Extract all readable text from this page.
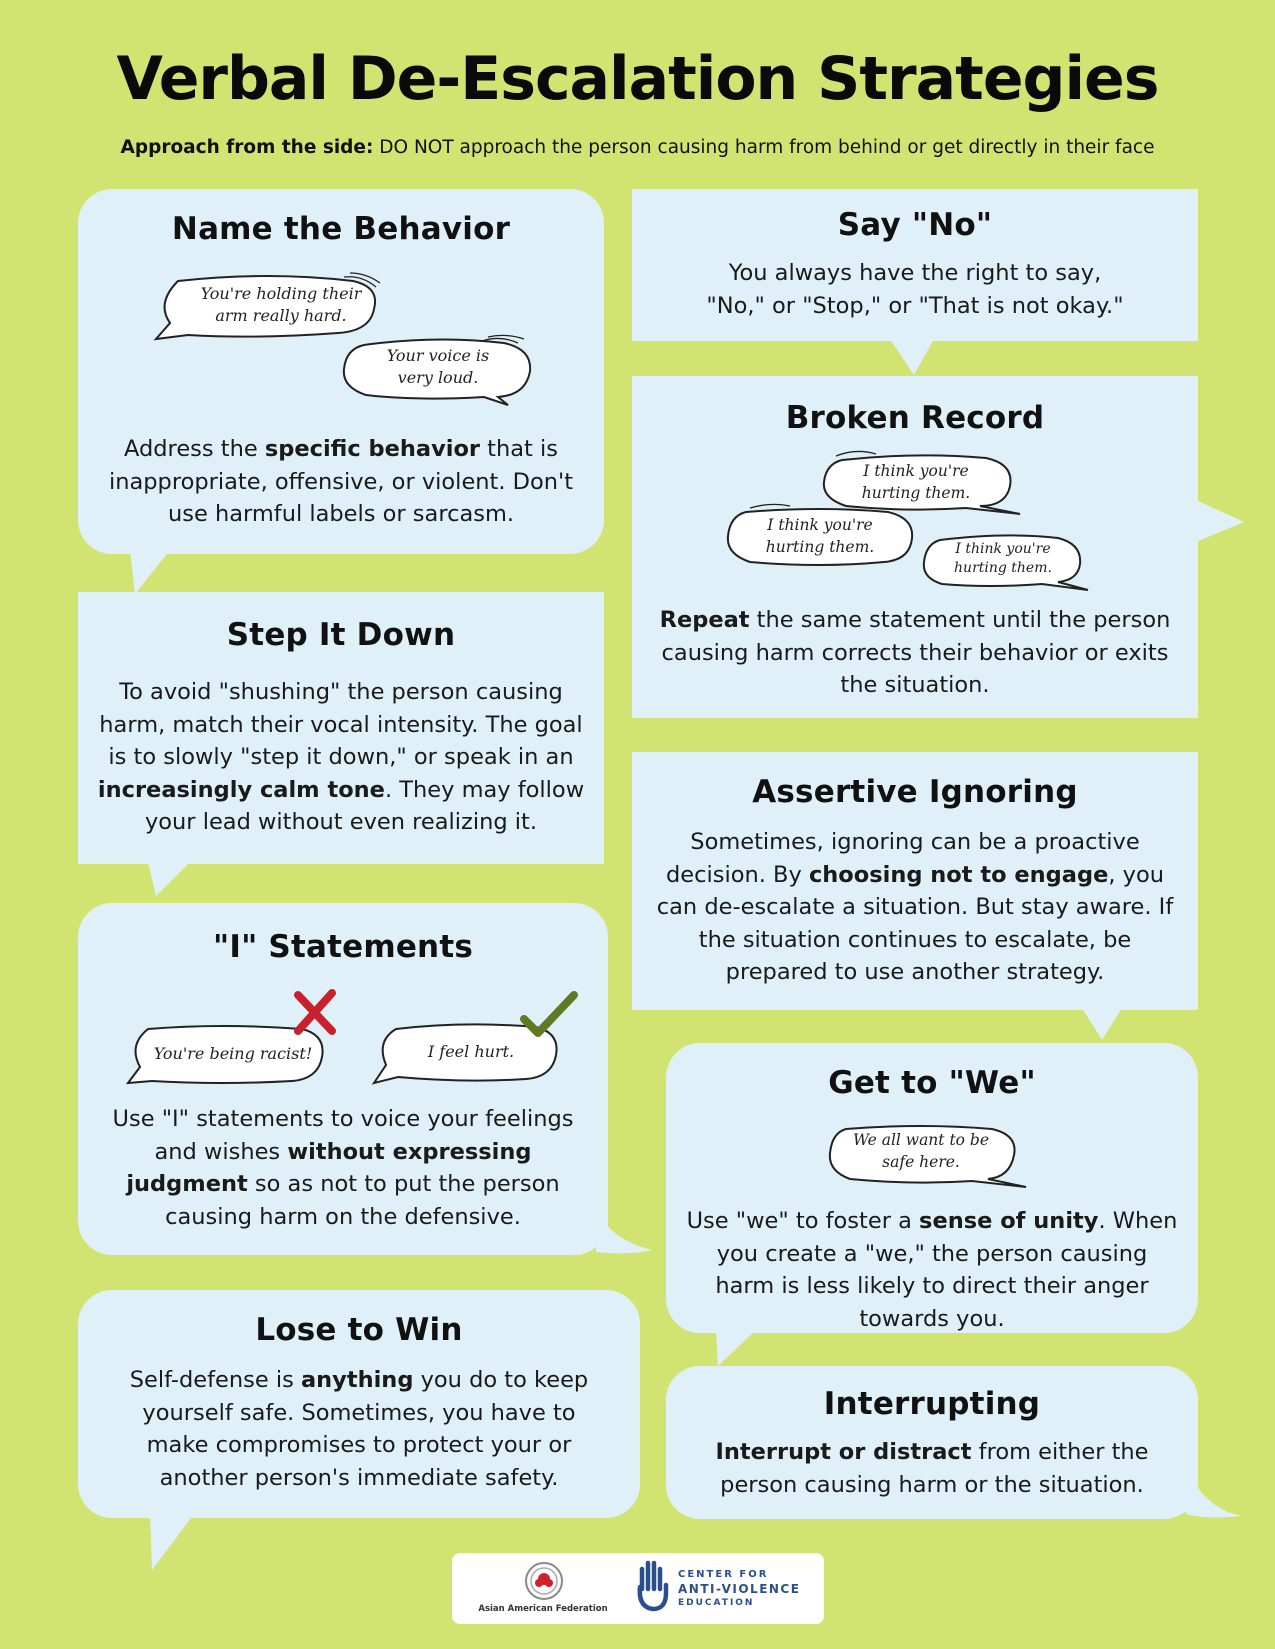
Verbal De-Escalation Strategies
Approach from the side: DO NOT approach the person causing harm from behind or get directly in their face
Name the Behavior
You're holding their arm really hard.
Your voice is very loud.

Address the specific behavior that is inappropriate, offensive, or violent. Don't use harmful labels or sarcasm.

Step It Down

To avoid "shushing" the person causing harm, match their vocal intensity. The goal is to slowly "step it down," or speak in an increasingly calm tone. They may follow your lead without even realizing it.

"I" Statements
You're being racist!	I feel hurt.

Use "I" statements to voice your feelings and wishes without expressing judgment so as not to put the person causing harm on the defensive.

Lose to Win

Self-defense is anything you do to keep yourself safe. Sometimes, you have to make compromises to protect your or another person's immediate safety.

Say "No"

You always have the right to say,
"No," or "Stop," or "That is not okay."

Broken Record
I think you're hurting them.
I think you're hurting them.	I think you're hurting them.

Repeat the same statement until the person causing harm corrects their behavior or exits the situation.

Assertive Ignoring

Sometimes, ignoring can be a proactive decision. By choosing not to engage, you can de-escalate a situation. But stay aware. If the situation continues to escalate, be prepared to use another strategy.

Get to "We"
We all want to be safe here.

Use "we" to foster a sense of unity. When you create a "we," the person causing harm is less likely to direct their anger towards you.

Interrupting

Interrupt or distract from either the person causing harm or the situation.

Asian American Federation
CENTER FOR
ANTI-VIOLENCE
EDUCATION
